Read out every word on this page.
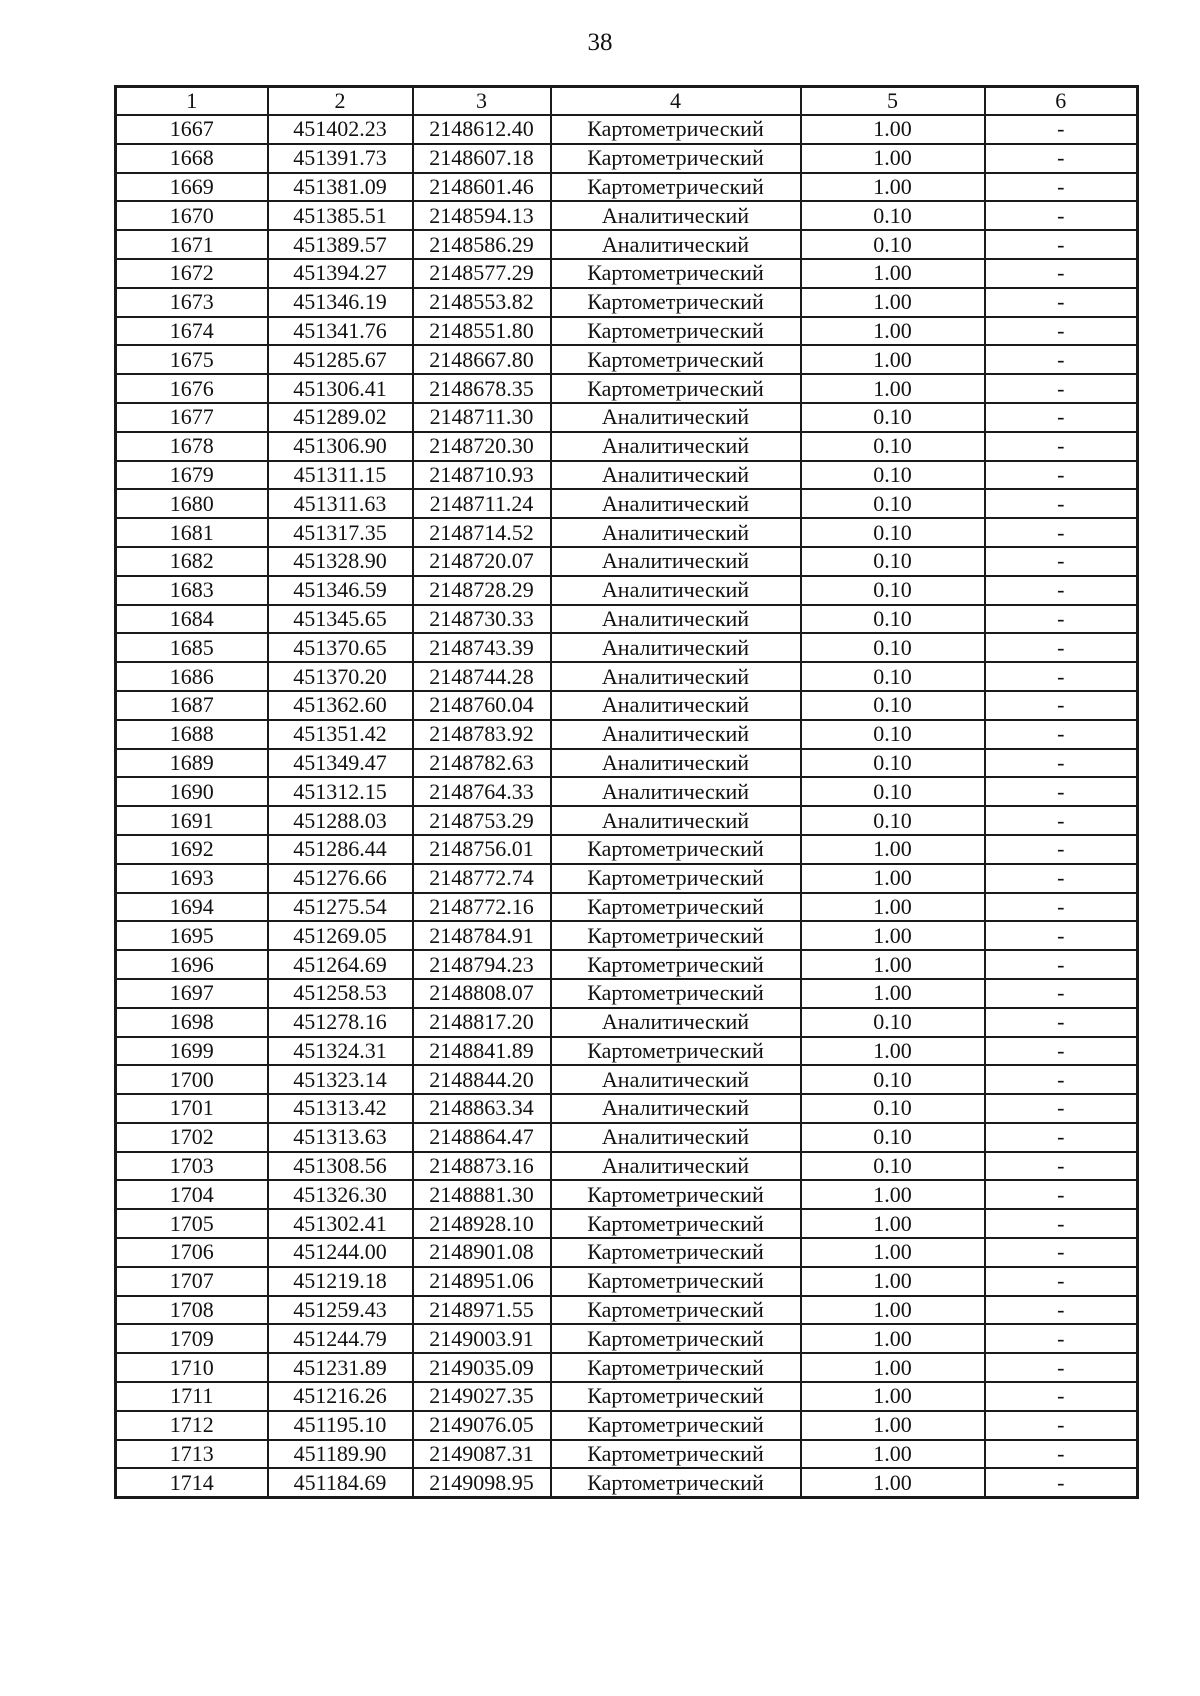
38
1	2	3	4	5	6
1667	451402.23	2148612.40	Картометрический	1.00	-
1668	451391.73	2148607.18	Картометрический	1.00	-
1669	451381.09	2148601.46	Картометрический	1.00	-
1670	451385.51	2148594.13	Аналитический	0.10	-
1671	451389.57	2148586.29	Аналитический	0.10	-
1672	451394.27	2148577.29	Картометрический	1.00	-
1673	451346.19	2148553.82	Картометрический	1.00	-
1674	451341.76	2148551.80	Картометрический	1.00	-
1675	451285.67	2148667.80	Картометрический	1.00	-
1676	451306.41	2148678.35	Картометрический	1.00	-
1677	451289.02	2148711.30	Аналитический	0.10	-
1678	451306.90	2148720.30	Аналитический	0.10	-
1679	451311.15	2148710.93	Аналитический	0.10	-
1680	451311.63	2148711.24	Аналитический	0.10	-
1681	451317.35	2148714.52	Аналитический	0.10	-
1682	451328.90	2148720.07	Аналитический	0.10	-
1683	451346.59	2148728.29	Аналитический	0.10	-
1684	451345.65	2148730.33	Аналитический	0.10	-
1685	451370.65	2148743.39	Аналитический	0.10	-
1686	451370.20	2148744.28	Аналитический	0.10	-
1687	451362.60	2148760.04	Аналитический	0.10	-
1688	451351.42	2148783.92	Аналитический	0.10	-
1689	451349.47	2148782.63	Аналитический	0.10	-
1690	451312.15	2148764.33	Аналитический	0.10	-
1691	451288.03	2148753.29	Аналитический	0.10	-
1692	451286.44	2148756.01	Картометрический	1.00	-
1693	451276.66	2148772.74	Картометрический	1.00	-
1694	451275.54	2148772.16	Картометрический	1.00	-
1695	451269.05	2148784.91	Картометрический	1.00	-
1696	451264.69	2148794.23	Картометрический	1.00	-
1697	451258.53	2148808.07	Картометрический	1.00	-
1698	451278.16	2148817.20	Аналитический	0.10	-
1699	451324.31	2148841.89	Картометрический	1.00	-
1700	451323.14	2148844.20	Аналитический	0.10	-
1701	451313.42	2148863.34	Аналитический	0.10	-
1702	451313.63	2148864.47	Аналитический	0.10	-
1703	451308.56	2148873.16	Аналитический	0.10	-
1704	451326.30	2148881.30	Картометрический	1.00	-
1705	451302.41	2148928.10	Картометрический	1.00	-
1706	451244.00	2148901.08	Картометрический	1.00	-
1707	451219.18	2148951.06	Картометрический	1.00	-
1708	451259.43	2148971.55	Картометрический	1.00	-
1709	451244.79	2149003.91	Картометрический	1.00	-
1710	451231.89	2149035.09	Картометрический	1.00	-
1711	451216.26	2149027.35	Картометрический	1.00	-
1712	451195.10	2149076.05	Картометрический	1.00	-
1713	451189.90	2149087.31	Картометрический	1.00	-
1714	451184.69	2149098.95	Картометрический	1.00	-
